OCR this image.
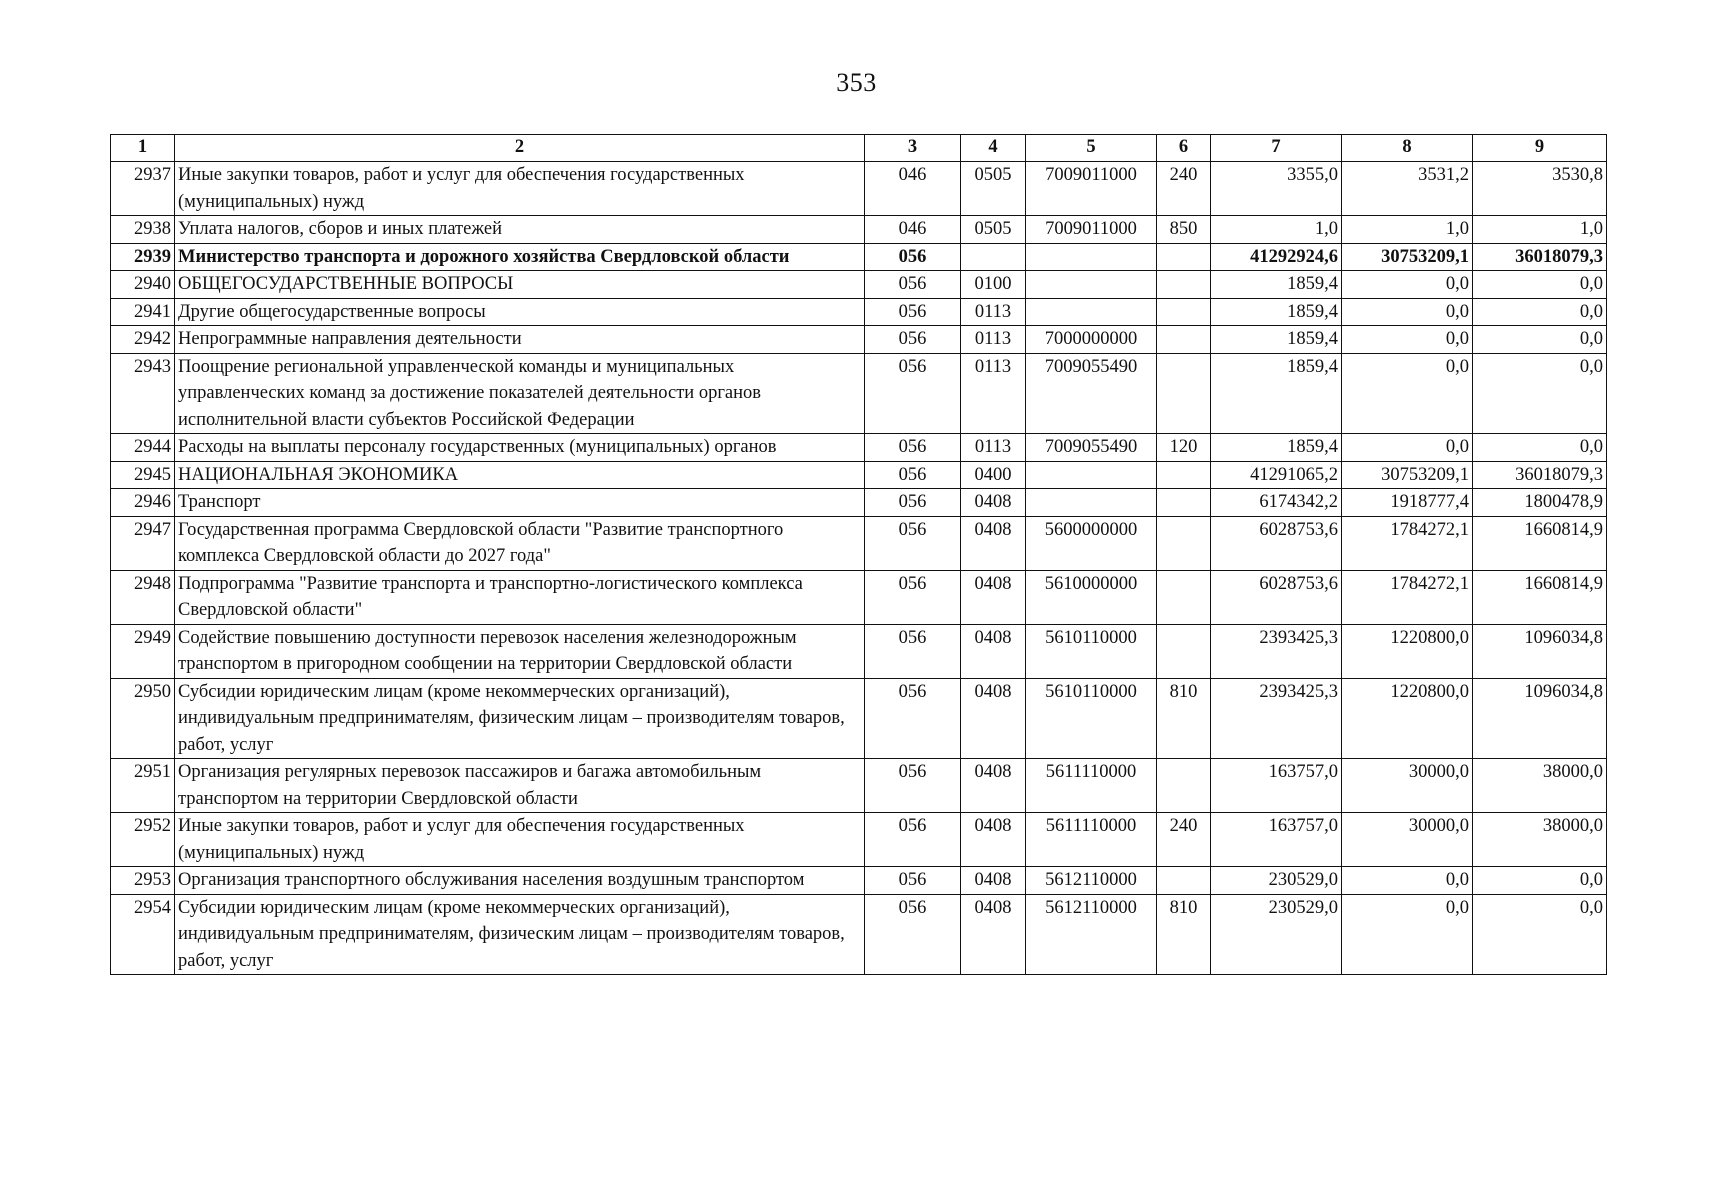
353
1	2	3	4	5	6	7	8	9
2937	Иные закупки товаров, работ и услуг для обеспечения государственных (муниципальных) нужд	046	0505	7009011000	240	3355,0	3531,2	3530,8
2938	Уплата налогов, сборов и иных платежей	046	0505	7009011000	850	1,0	1,0	1,0
2939	Министерство транспорта и дорожного хозяйства Свердловской области	056				41292924,6	30753209,1	36018079,3
2940	ОБЩЕГОСУДАРСТВЕННЫЕ ВОПРОСЫ	056	0100			1859,4	0,0	0,0
2941	Другие общегосударственные вопросы	056	0113			1859,4	0,0	0,0
2942	Непрограммные направления деятельности	056	0113	7000000000		1859,4	0,0	0,0
2943	Поощрение региональной управленческой команды и муниципальных управленческих команд за достижение показателей деятельности органов исполнительной власти субъектов Российской Федерации	056	0113	7009055490		1859,4	0,0	0,0
2944	Расходы на выплаты персоналу государственных (муниципальных) органов	056	0113	7009055490	120	1859,4	0,0	0,0
2945	НАЦИОНАЛЬНАЯ ЭКОНОМИКА	056	0400			41291065,2	30753209,1	36018079,3
2946	Транспорт	056	0408			6174342,2	1918777,4	1800478,9
2947	Государственная программа Свердловской области "Развитие транспортного комплекса Свердловской области до 2027 года"	056	0408	5600000000		6028753,6	1784272,1	1660814,9
2948	Подпрограмма "Развитие транспорта и транспортно-логистического комплекса Свердловской области"	056	0408	5610000000		6028753,6	1784272,1	1660814,9
2949	Содействие повышению доступности перевозок населения железнодорожным транспортом в пригородном сообщении на территории Свердловской области	056	0408	5610110000		2393425,3	1220800,0	1096034,8
2950	Субсидии юридическим лицам (кроме некоммерческих организаций), индивидуальным предпринимателям, физическим лицам – производителям товаров, работ, услуг	056	0408	5610110000	810	2393425,3	1220800,0	1096034,8
2951	Организация регулярных перевозок пассажиров и багажа автомобильным транспортом на территории Свердловской области	056	0408	5611110000		163757,0	30000,0	38000,0
2952	Иные закупки товаров, работ и услуг для обеспечения государственных (муниципальных) нужд	056	0408	5611110000	240	163757,0	30000,0	38000,0
2953	Организация транспортного обслуживания населения воздушным транспортом	056	0408	5612110000		230529,0	0,0	0,0
2954	Субсидии юридическим лицам (кроме некоммерческих организаций), индивидуальным предпринимателям, физическим лицам – производителям товаров, работ, услуг	056	0408	5612110000	810	230529,0	0,0	0,0
